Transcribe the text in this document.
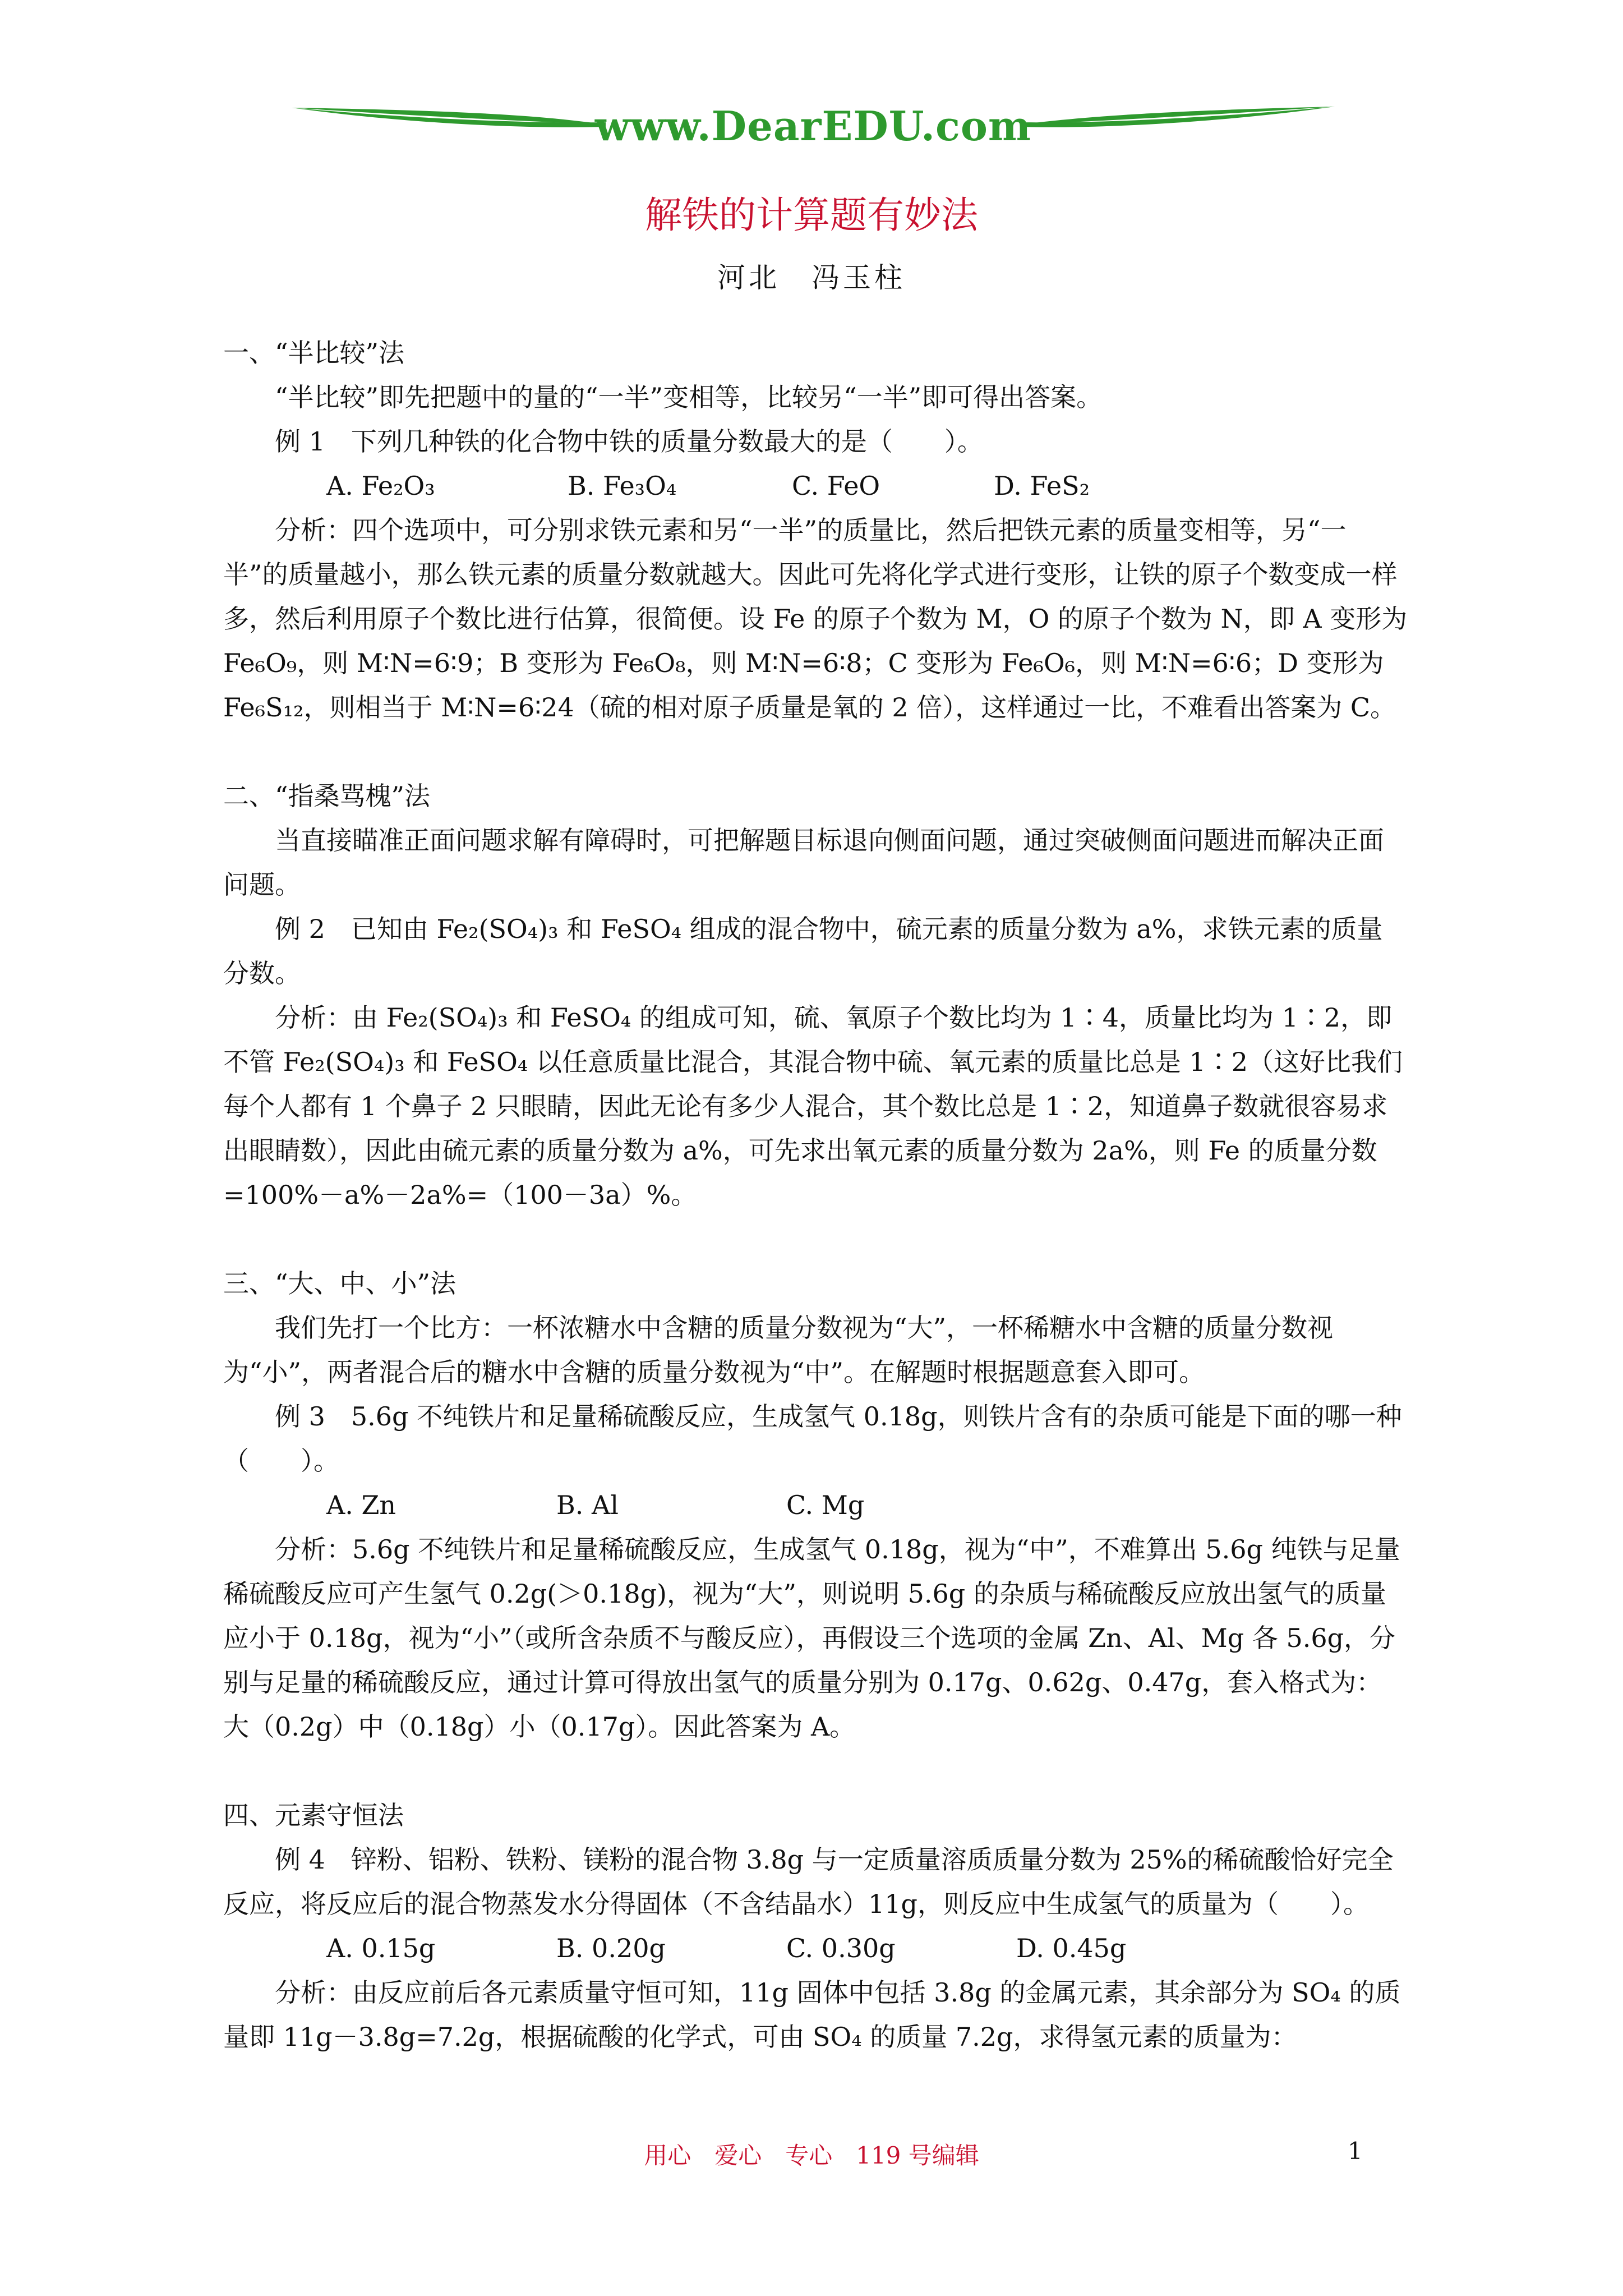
www.DearEDU.com
解铁的计算题有妙法
河北　冯玉柱

一、“半比较”法

“半比较”即先把题中的量的“一半”变相等，比较另“一半”即可得出答案。

例 1　下列几种铁的化合物中铁的质量分数最大的是（　　）。

A. Fe₂O₃	B. Fe₃O₄	C. FeO	D. FeS₂

分析：四个选项中，可分别求铁元素和另“一半”的质量比，然后把铁元素的质量变相等，另“一半”的质量越小，那么铁元素的质量分数就越大。因此可先将化学式进行变形，让铁的原子个数变成一样多，然后利用原子个数比进行估算，很简便。设 Fe 的原子个数为 M，O 的原子个数为 N，即 A 变形为 Fe₆O₉，则 M∶N=6∶9；B 变形为 Fe₆O₈，则 M∶N=6∶8；C 变形为 Fe₆O₆，则 M∶N=6∶6；D 变形为 Fe₆S₁₂，则相当于 M∶N=6∶24（硫的相对原子质量是氧的 2 倍），这样通过一比，不难看出答案为 C。

二、“指桑骂槐”法

当直接瞄准正面问题求解有障碍时，可把解题目标退向侧面问题，通过突破侧面问题进而解决正面问题。

例 2　已知由 Fe₂(SO₄)₃ 和 FeSO₄ 组成的混合物中，硫元素的质量分数为 a%，求铁元素的质量分数。

分析：由 Fe₂(SO₄)₃ 和 FeSO₄ 的组成可知，硫、氧原子个数比均为 1∶4，质量比均为 1∶2，即不管 Fe₂(SO₄)₃ 和 FeSO₄ 以任意质量比混合，其混合物中硫、氧元素的质量比总是 1∶2（这好比我们每个人都有 1 个鼻子 2 只眼睛，因此无论有多少人混合，其个数比总是 1∶2，知道鼻子数就很容易求出眼睛数），因此由硫元素的质量分数为 a%，可先求出氧元素的质量分数为 2a%，则 Fe 的质量分数=100%－a%－2a%=（100－3a）%。

三、“大、中、小”法

我们先打一个比方：一杯浓糖水中含糖的质量分数视为“大”，一杯稀糖水中含糖的质量分数视为“小”，两者混合后的糖水中含糖的质量分数视为“中”。在解题时根据题意套入即可。

例 3　5.6g 不纯铁片和足量稀硫酸反应，生成氢气 0.18g，则铁片含有的杂质可能是下面的哪一种（　　）。

A. Zn	B. Al	C. Mg

分析：5.6g 不纯铁片和足量稀硫酸反应，生成氢气 0.18g，视为“中”，不难算出 5.6g 纯铁与足量稀硫酸反应可产生氢气 0.2g(＞0.18g)，视为“大”，则说明 5.6g 的杂质与稀硫酸反应放出氢气的质量应小于 0.18g，视为“小”（或所含杂质不与酸反应），再假设三个选项的金属 Zn、Al、Mg 各 5.6g，分别与足量的稀硫酸反应，通过计算可得放出氢气的质量分别为 0.17g、0.62g、0.47g，套入格式为：大（0.2g）中（0.18g）小（0.17g）。因此答案为 A。

四、元素守恒法

例 4　锌粉、铝粉、铁粉、镁粉的混合物 3.8g 与一定质量溶质质量分数为 25%的稀硫酸恰好完全反应，将反应后的混合物蒸发水分得固体（不含结晶水）11g，则反应中生成氢气的质量为（　　）。

A. 0.15g	B. 0.20g	C. 0.30g	D. 0.45g

分析：由反应前后各元素质量守恒可知，11g 固体中包括 3.8g 的金属元素，其余部分为 SO₄ 的质量即 11g－3.8g=7.2g，根据硫酸的化学式，可由 SO₄ 的质量 7.2g，求得氢元素的质量为：

用心　爱心　专心　119 号编辑	1
